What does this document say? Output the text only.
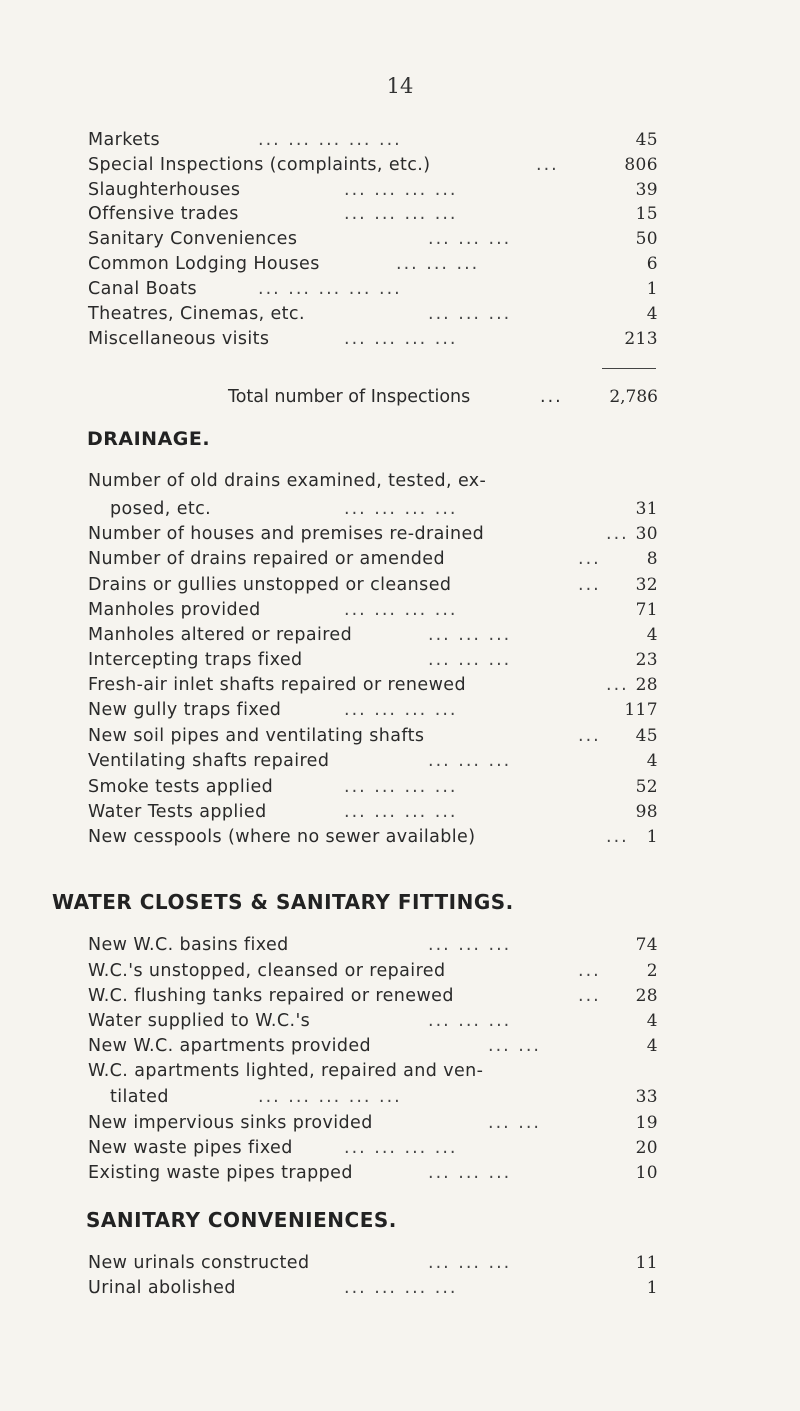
14
Markets	... ... ... ... ...	45
Special Inspections (complaints, etc.)	...	806
Slaughterhouses	... ... ... ...	39
Offensive trades	... ... ... ...	15
Sanitary Conveniences	... ... ...	50
Common Lodging Houses	... ... ...	6
Canal Boats	... ... ... ... ...	1
Theatres, Cinemas, etc.	... ... ...	4
Miscellaneous visits	... ... ... ...	213
Total number of Inspections	...	2,786
DRAINAGE.
Number of old drains examined, tested, ex-
posed, etc.	... ... ... ...	31
Number of houses and premises re-drained	... 30
Number of drains repaired or amended	...	8
Drains or gullies unstopped or cleansed	...	32
Manholes provided	... ... ... ...	71
Manholes altered or repaired	... ... ...	4
Intercepting traps fixed	... ... ...	23
Fresh-air inlet shafts repaired or renewed	... 28
New gully traps fixed	... ... ... ...	117
New soil pipes and ventilating shafts	...	45
Ventilating shafts repaired	... ... ...	4
Smoke tests applied	... ... ... ...	52
Water Tests applied	... ... ... ...	98
New cesspools (where no sewer available)	...	1
WATER CLOSETS & SANITARY FITTINGS.
New W.C. basins fixed	... ... ...	74
W.C.'s unstopped, cleansed or repaired	...	2
W.C. flushing tanks repaired or renewed	...	28
Water supplied to W.C.'s	... ... ...	4
New W.C. apartments provided	... ...	4
W.C. apartments lighted, repaired and ven-
tilated	... ... ... ... ...	33
New impervious sinks provided	... ...	19
New waste pipes fixed	... ... ... ...	20
Existing waste pipes trapped	... ... ...	10
SANITARY CONVENIENCES.
New urinals constructed	... ... ...	11
Urinal abolished	... ... ... ...	1
